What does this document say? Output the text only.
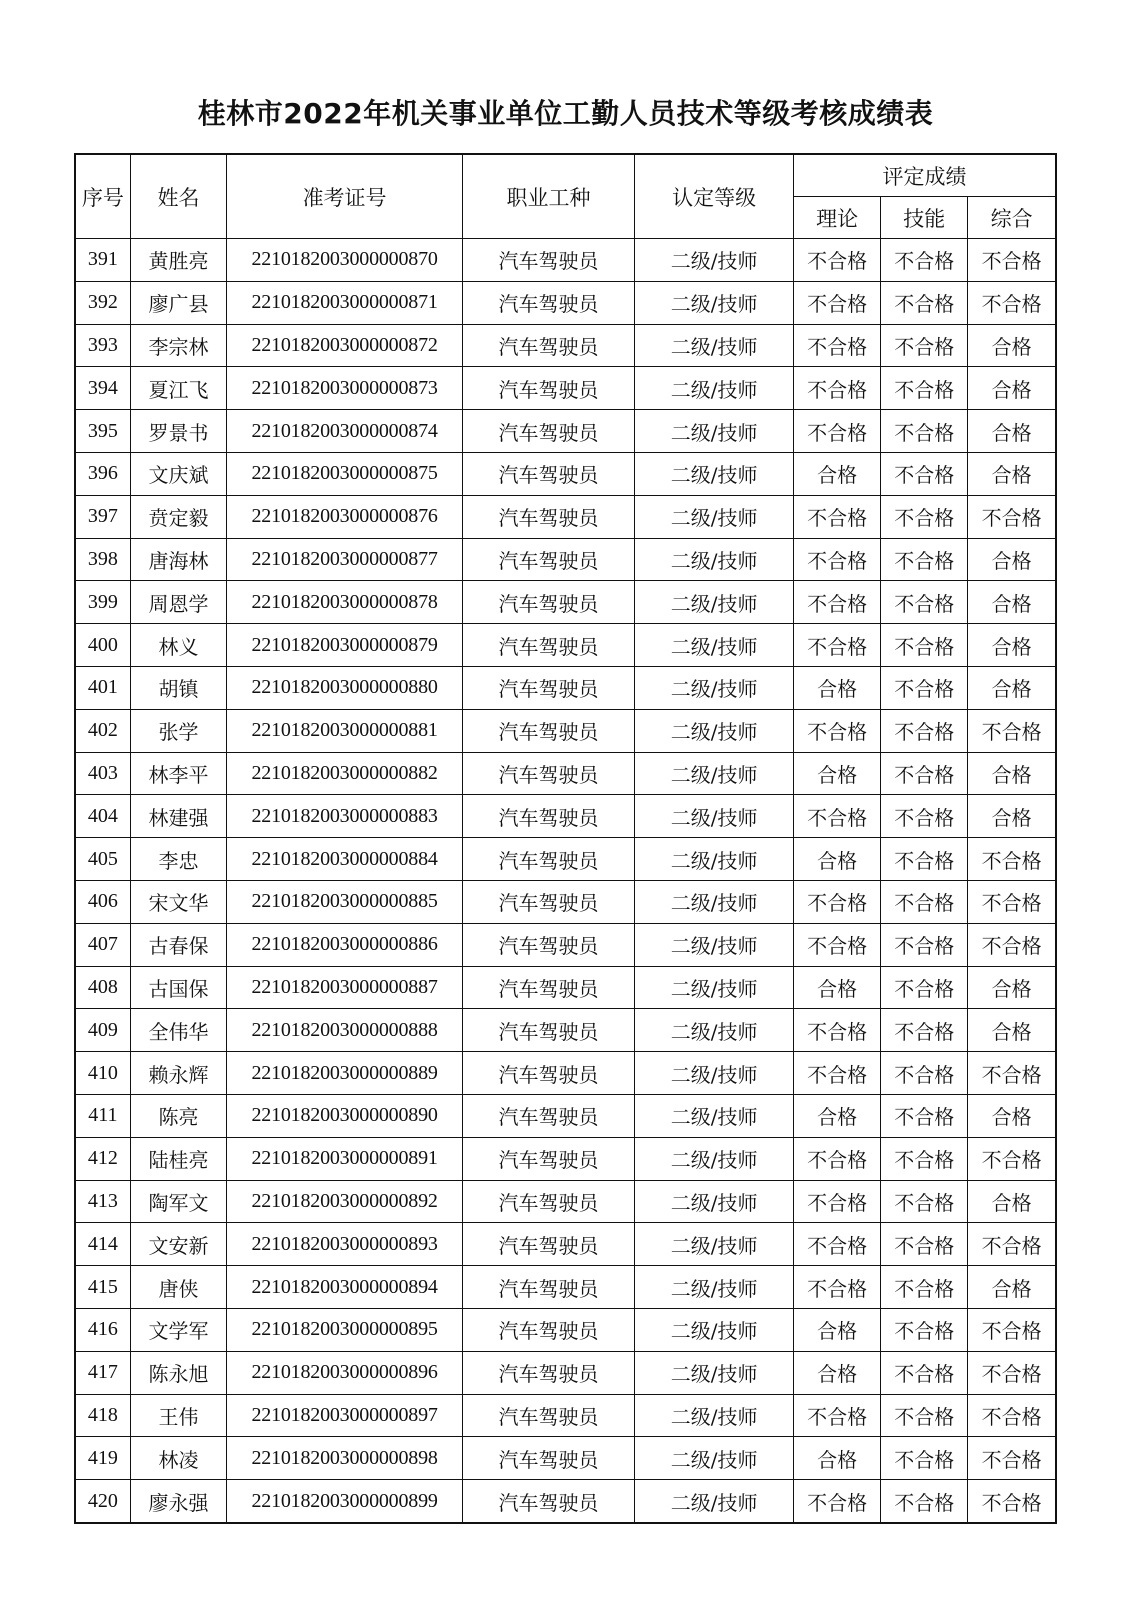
桂林市2022年机关事业单位工勤人员技术等级考核成绩表
序号	姓名	准考证号	职业工种	认定等级	评定成绩		
					理论	技能	综合
391	黄胜亮	2210182003000000870	汽车驾驶员	二级/技师	不合格	不合格	不合格
392	廖广县	2210182003000000871	汽车驾驶员	二级/技师	不合格	不合格	不合格
393	李宗林	2210182003000000872	汽车驾驶员	二级/技师	不合格	不合格	合格
394	夏江飞	2210182003000000873	汽车驾驶员	二级/技师	不合格	不合格	合格
395	罗景书	2210182003000000874	汽车驾驶员	二级/技师	不合格	不合格	合格
396	文庆斌	2210182003000000875	汽车驾驶员	二级/技师	合格	不合格	合格
397	贲定毅	2210182003000000876	汽车驾驶员	二级/技师	不合格	不合格	不合格
398	唐海林	2210182003000000877	汽车驾驶员	二级/技师	不合格	不合格	合格
399	周恩学	2210182003000000878	汽车驾驶员	二级/技师	不合格	不合格	合格
400	林义	2210182003000000879	汽车驾驶员	二级/技师	不合格	不合格	合格
401	胡镇	2210182003000000880	汽车驾驶员	二级/技师	合格	不合格	合格
402	张学	2210182003000000881	汽车驾驶员	二级/技师	不合格	不合格	不合格
403	林李平	2210182003000000882	汽车驾驶员	二级/技师	合格	不合格	合格
404	林建强	2210182003000000883	汽车驾驶员	二级/技师	不合格	不合格	合格
405	李忠	2210182003000000884	汽车驾驶员	二级/技师	合格	不合格	不合格
406	宋文华	2210182003000000885	汽车驾驶员	二级/技师	不合格	不合格	不合格
407	古春保	2210182003000000886	汽车驾驶员	二级/技师	不合格	不合格	不合格
408	古国保	2210182003000000887	汽车驾驶员	二级/技师	合格	不合格	合格
409	全伟华	2210182003000000888	汽车驾驶员	二级/技师	不合格	不合格	合格
410	赖永辉	2210182003000000889	汽车驾驶员	二级/技师	不合格	不合格	不合格
411	陈亮	2210182003000000890	汽车驾驶员	二级/技师	合格	不合格	合格
412	陆桂亮	2210182003000000891	汽车驾驶员	二级/技师	不合格	不合格	不合格
413	陶军文	2210182003000000892	汽车驾驶员	二级/技师	不合格	不合格	合格
414	文安新	2210182003000000893	汽车驾驶员	二级/技师	不合格	不合格	不合格
415	唐侠	2210182003000000894	汽车驾驶员	二级/技师	不合格	不合格	合格
416	文学军	2210182003000000895	汽车驾驶员	二级/技师	合格	不合格	不合格
417	陈永旭	2210182003000000896	汽车驾驶员	二级/技师	合格	不合格	不合格
418	王伟	2210182003000000897	汽车驾驶员	二级/技师	不合格	不合格	不合格
419	林凌	2210182003000000898	汽车驾驶员	二级/技师	合格	不合格	不合格
420	廖永强	2210182003000000899	汽车驾驶员	二级/技师	不合格	不合格	不合格
